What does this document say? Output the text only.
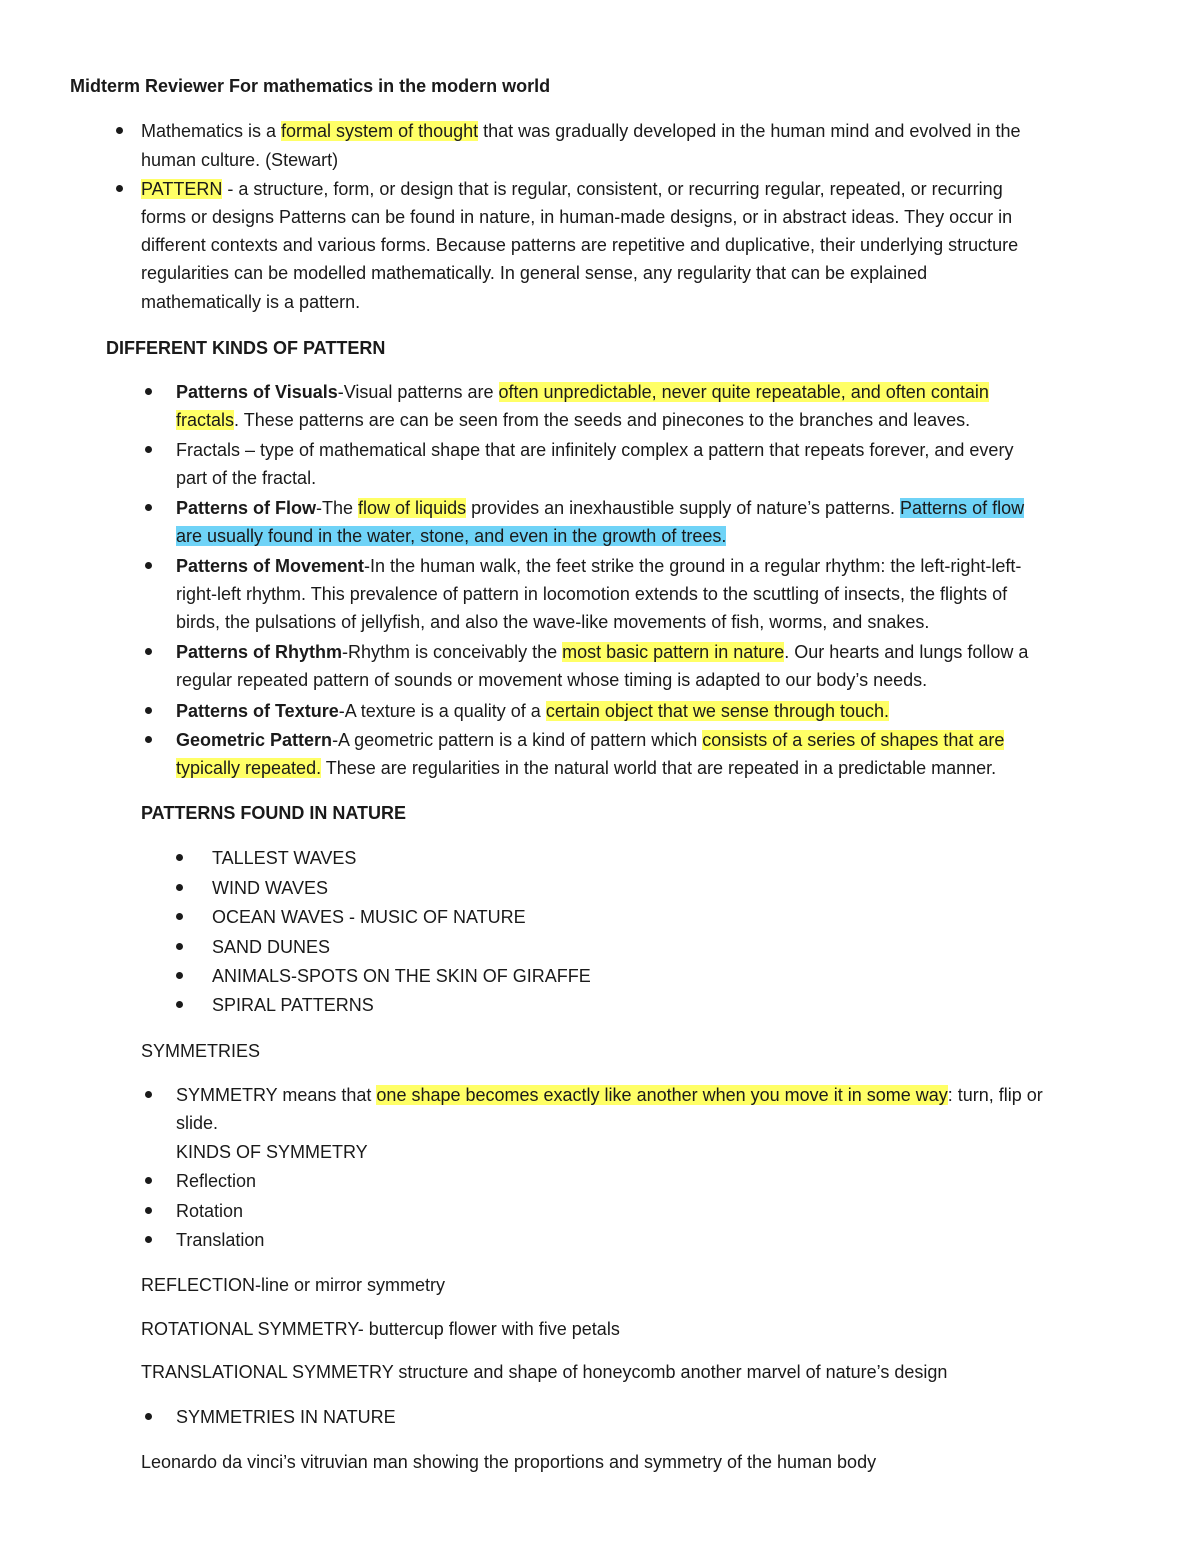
Midterm Reviewer For mathematics in the modern world
Mathematics is a formal system of thought that was gradually developed in the human mind and evolved in the
human culture. (Stewart)
PATTERN - a structure, form, or design that is regular, consistent, or recurring regular, repeated, or recurring
forms or designs Patterns can be found in nature, in human-made designs, or in abstract ideas. They occur in
different contexts and various forms. Because patterns are repetitive and duplicative, their underlying structure
regularities can be modelled mathematically. In general sense, any regularity that can be explained
mathematically is a pattern.
DIFFERENT KINDS OF PATTERN
Patterns of Visuals-Visual patterns are often unpredictable, never quite repeatable, and often contain
fractals. These patterns are can be seen from the seeds and pinecones to the branches and leaves.
Fractals – type of mathematical shape that are infinitely complex a pattern that repeats forever, and every
part of the fractal.
Patterns of Flow-The flow of liquids provides an inexhaustible supply of nature’s patterns. Patterns of flow
are usually found in the water, stone, and even in the growth of trees.
Patterns of Movement-In the human walk, the feet strike the ground in a regular rhythm: the left-right-left-
right-left rhythm. This prevalence of pattern in locomotion extends to the scuttling of insects, the flights of
birds, the pulsations of jellyfish, and also the wave-like movements of fish, worms, and snakes.
Patterns of Rhythm-Rhythm is conceivably the most basic pattern in nature. Our hearts and lungs follow a
regular repeated pattern of sounds or movement whose timing is adapted to our body’s needs.
Patterns of Texture-A texture is a quality of a certain object that we sense through touch.
Geometric Pattern-A geometric pattern is a kind of pattern which consists of a series of shapes that are
typically repeated. These are regularities in the natural world that are repeated in a predictable manner.
PATTERNS FOUND IN NATURE
TALLEST WAVES
WIND WAVES
OCEAN WAVES - MUSIC OF NATURE
SAND DUNES
ANIMALS-SPOTS ON THE SKIN OF GIRAFFE
SPIRAL PATTERNS
SYMMETRIES
SYMMETRY means that one shape becomes exactly like another when you move it in some way: turn, flip or
slide.
KINDS OF SYMMETRY
Reflection
Rotation
Translation
REFLECTION-line or mirror symmetry
ROTATIONAL SYMMETRY- buttercup flower with five petals
TRANSLATIONAL SYMMETRY structure and shape of honeycomb another marvel of nature’s design
SYMMETRIES IN NATURE
Leonardo da vinci’s vitruvian man showing the proportions and symmetry of the human body
